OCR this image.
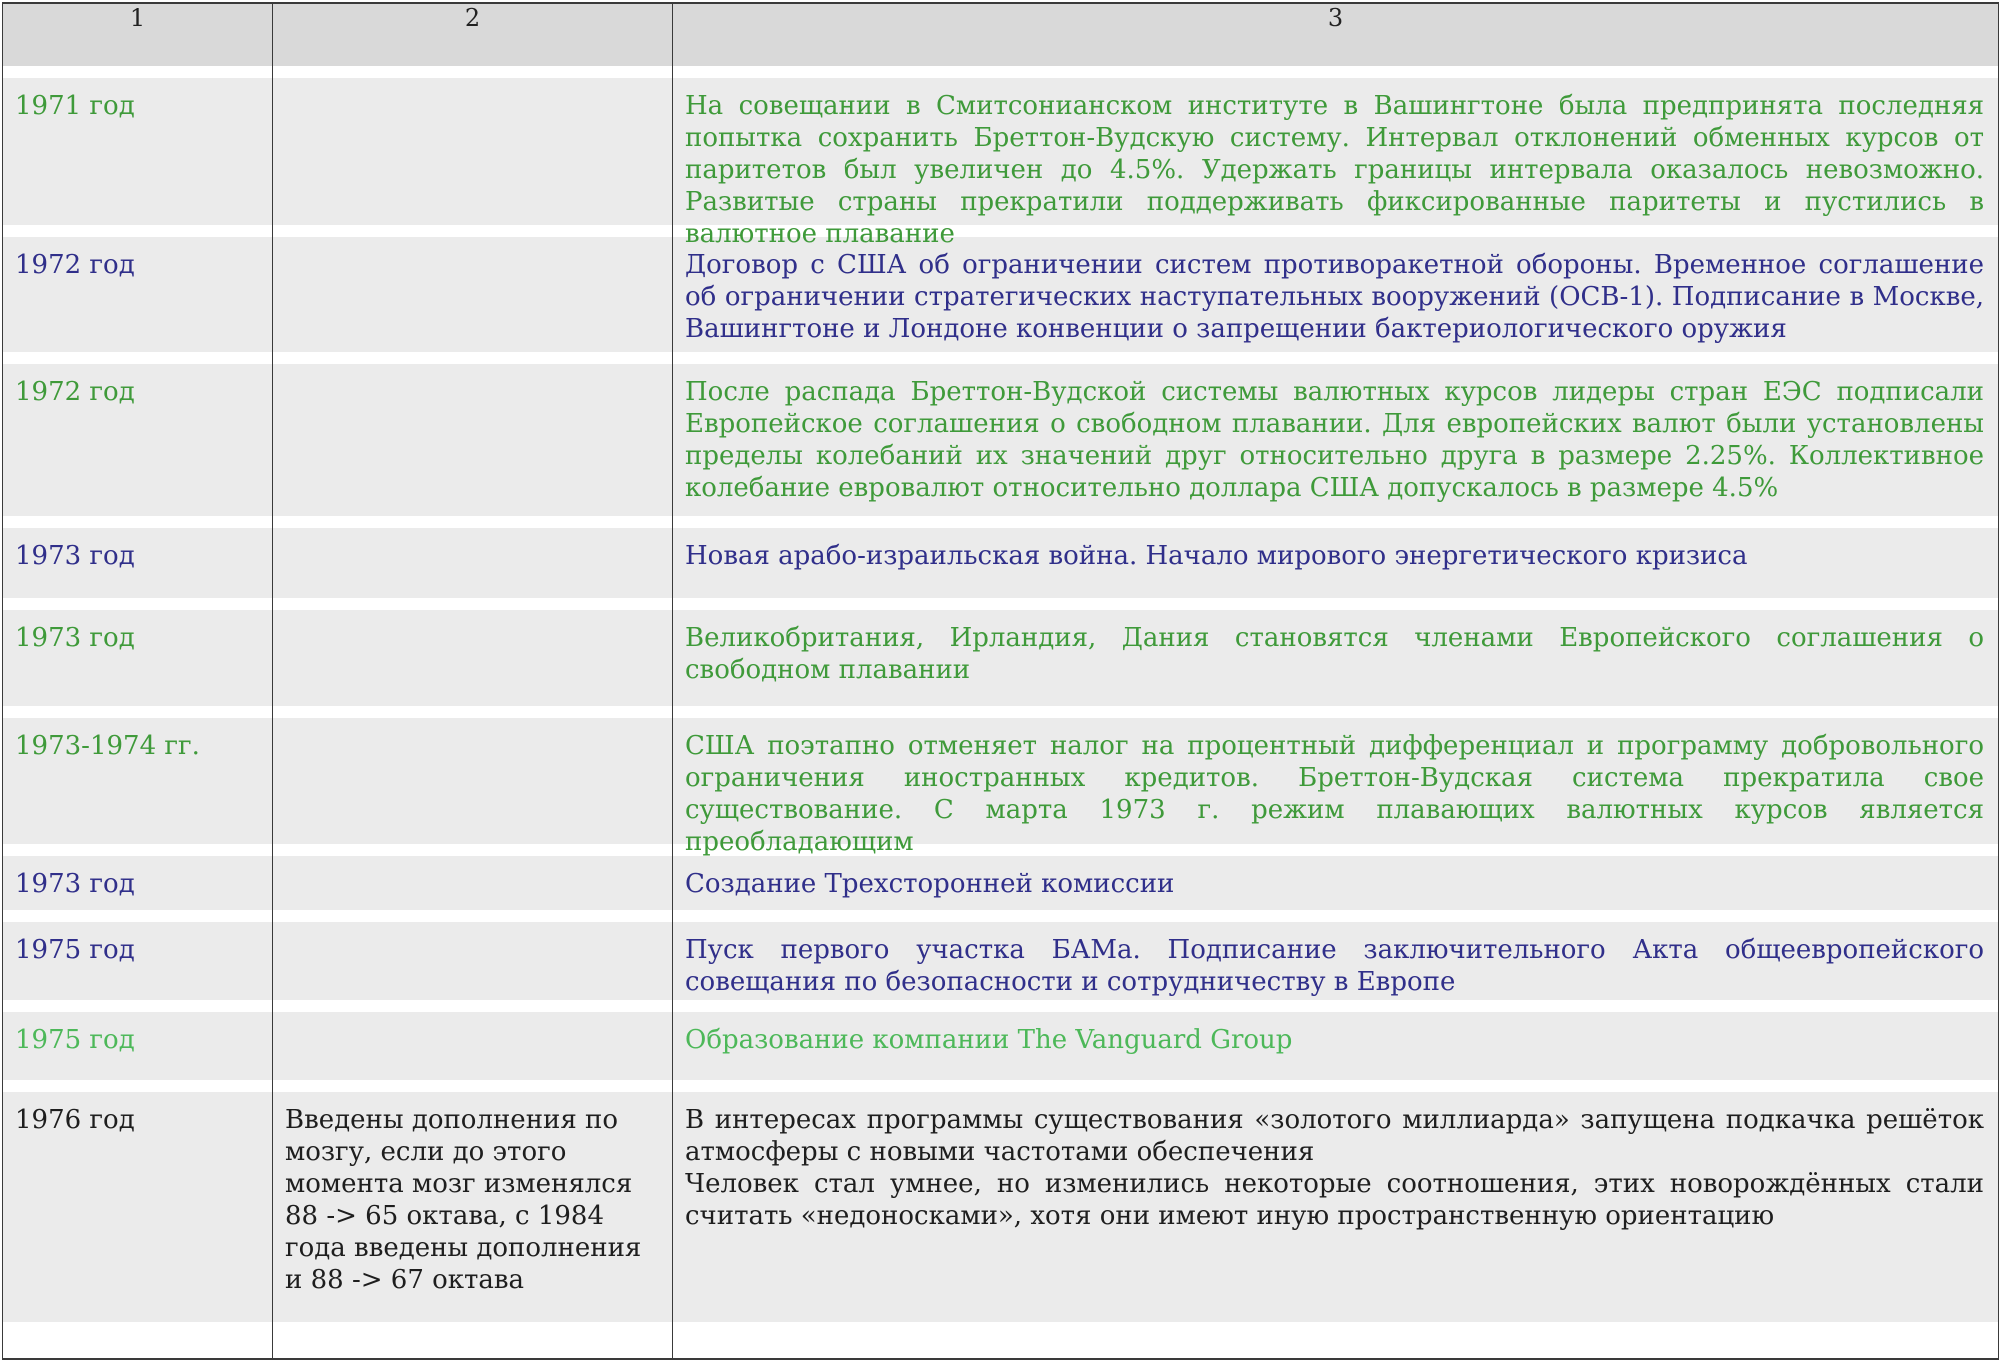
1	2	3

1971 год		На совещании в Смитсонианском институте в Вашингтоне была предпринята последняя попытка сохранить Бреттон-Вудскую систему. Интервал отклонений обменных курсов от паритетов был увеличен до 4.5%. Удержать границы интервала оказалось невозможно. Развитые страны прекратили поддерживать фиксированные паритеты и пустились в валютное плавание

1972 год		Договор с США об ограничении систем противоракетной обороны. Временное соглашение об ограничении стратегических наступательных вооружений (ОСВ-1). Подписание в Москве, Вашингтоне и Лондоне конвенции о запрещении бактериологического оружия

1972 год		После распада Бреттон-Вудской системы валютных курсов лидеры стран ЕЭС подписали Европейское соглашения о свободном плавании. Для европейских валют были установлены пределы колебаний их значений друг относительно друга в размере 2.25%. Коллективное колебание евровалют относительно доллара США допускалось в размере 4.5%

1973 год		Новая арабо-израильская война. Начало мирового энергетического кризиса

1973 год		Великобритания, Ирландия, Дания становятся членами Европейского соглашения о свободном плавании

1973-1974 гг.		США поэтапно отменяет налог на процентный дифференциал и программу добровольного ограничения иностранных кредитов. Бреттон-Вудская система прекратила свое существование. С марта 1973 г. режим плавающих валютных курсов является преобладающим

1973 год		Создание Трехсторонней комиссии

1975 год		Пуск первого участка БАМа. Подписание заключительного Акта общеевропейского совещания по безопасности и сотрудничеству в Европе

1975 год		Образование компании The Vanguard Group

1976 год	Введены дополнения по мозгу, если до этого момента мозг изменялся 88 -> 65 октава, с 1984 года введены дополнения и 88 -> 67 октава	В интересах программы существования «золотого миллиарда» запущена подкачка решёток атмосферы с новыми частотами обеспечения
Человек стал умнее, но изменились некоторые соотношения, этих новорождённых стали считать «недоносками», хотя они имеют иную пространственную ориентацию
